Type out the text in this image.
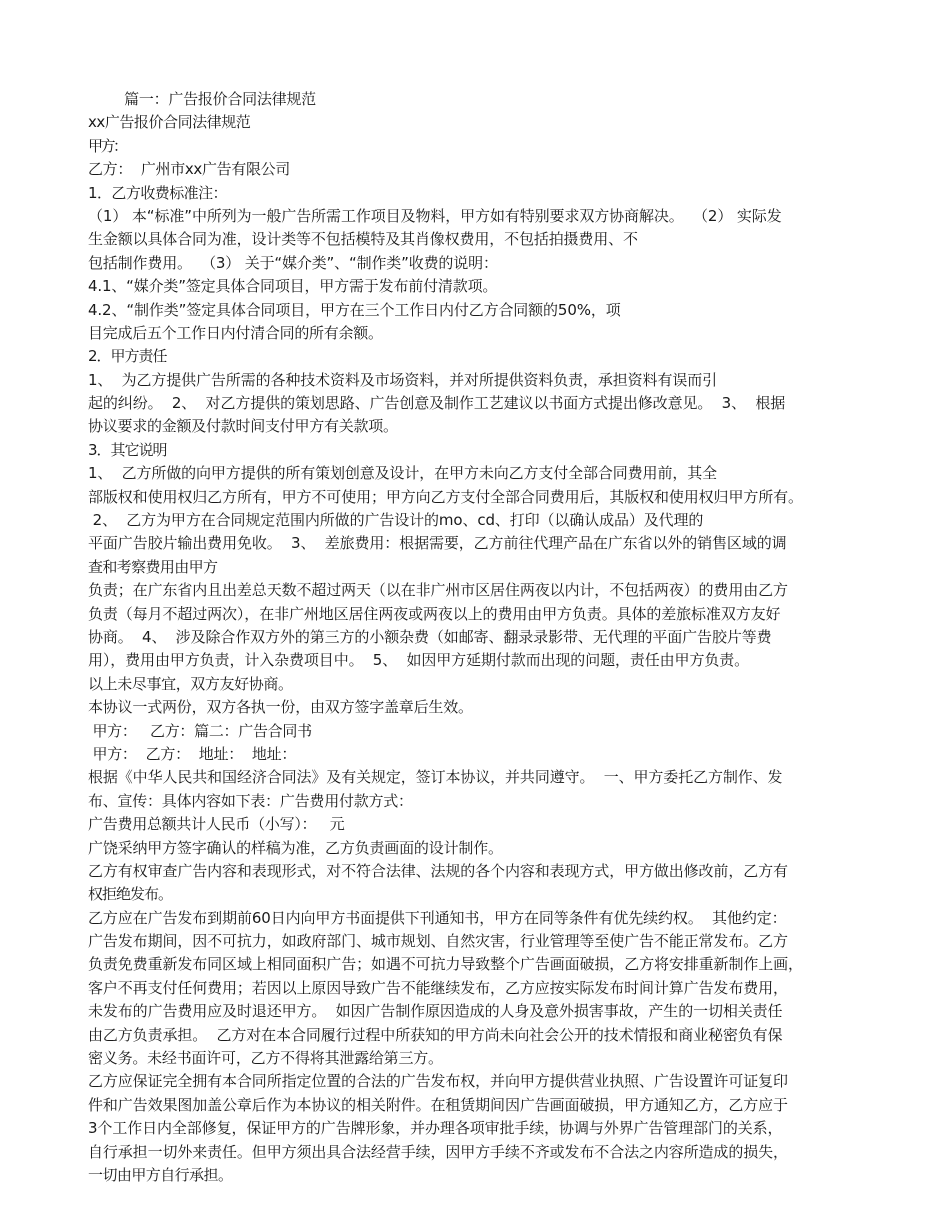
篇一：广告报价合同法律规范
xx广告报价合同法律规范
甲方：
乙方：  广州市xx广告有限公司
1．乙方收费标准注：
（1） 本“标准”中所列为一般广告所需工作项目及物料，甲方如有特别要求双方协商解决。  （2） 实际发
生金额以具体合同为准，设计类等不包括模特及其肖像权费用，不包括拍摄费用、不
包括制作费用。  （3） 关于“媒介类”、“制作类”收费的说明：
4.1、“媒介类”签定具体合同项目，甲方需于发布前付清款项。
4.2、“制作类”签定具体合同项目，甲方在三个工作日内付乙方合同额的50%，项
目完成后五个工作日内付清合同的所有余额。
2．甲方责任
1、  为乙方提供广告所需的各种技术资料及市场资料，并对所提供资料负责，承担资料有误而引
起的纠纷。  2、  对乙方提供的策划思路、广告创意及制作工艺建议以书面方式提出修改意见。  3、  根据
协议要求的金额及付款时间支付甲方有关款项。
3．其它说明
1、  乙方所做的向甲方提供的所有策划创意及设计，在甲方未向乙方支付全部合同费用前，其全
部版权和使用权归乙方所有，甲方不可使用；甲方向乙方支付全部合同费用后，其版权和使用权归甲方所有。
2、  乙方为甲方在合同规定范围内所做的广告设计的mo、cd、打印（以确认成品）及代理的
平面广告胶片输出费用免收。  3、  差旅费用：根据需要，乙方前往代理产品在广东省以外的销售区域的调
查和考察费用由甲方
负责；在广东省内且出差总天数不超过两天（以在非广州市区居住两夜以内计，不包括两夜）的费用由乙方
负责（每月不超过两次），在非广州地区居住两夜或两夜以上的费用由甲方负责。具体的差旅标准双方友好
协商。  4、  涉及除合作双方外的第三方的小额杂费（如邮寄、翻录录影带、无代理的平面广告胶片等费
用），费用由甲方负责，计入杂费项目中。  5、  如因甲方延期付款而出现的问题，责任由甲方负责。
以上未尽事宜，双方友好协商。
本协议一式两份，双方各执一份，由双方签字盖章后生效。
甲方：   乙方：篇二：广告合同书
甲方：  乙方：  地址：  地址：
根据《中华人民共和国经济合同法》及有关规定，签订本协议，并共同遵守。  一、甲方委托乙方制作、发
布、宣传：具体内容如下表：广告费用付款方式：
广告费用总额共计人民币（小写）：   元
广饶采纳甲方签字确认的样稿为准，乙方负责画面的设计制作。
乙方有权审查广告内容和表现形式，对不符合法律、法规的各个内容和表现方式，甲方做出修改前，乙方有
权拒绝发布。
乙方应在广告发布到期前60日内向甲方书面提供下刊通知书，甲方在同等条件有优先续约权。  其他约定：
广告发布期间，因不可抗力，如政府部门、城市规划、自然灾害，行业管理等至使广告不能正常发布。乙方
负责免费重新发布同区域上相同面积广告；如遇不可抗力导致整个广告画面破损，乙方将安排重新制作上画，
客户不再支付任何费用；若因以上原因导致广告不能继续发布，乙方应按实际发布时间计算广告发布费用，
未发布的广告费用应及时退还甲方。  如因广告制作原因造成的人身及意外损害事故，产生的一切相关责任
由乙方负责承担。  乙方对在本合同履行过程中所获知的甲方尚未向社会公开的技术情报和商业秘密负有保
密义务。未经书面许可，乙方不得将其泄露给第三方。
乙方应保证完全拥有本合同所指定位置的合法的广告发布权，并向甲方提供营业执照、广告设置许可证复印
件和广告效果图加盖公章后作为本协议的相关附件。在租赁期间因广告画面破损，甲方通知乙方，乙方应于
3个工作日内全部修复，保证甲方的广告牌形象，并办理各项审批手续，协调与外界广告管理部门的关系，
自行承担一切外来责任。但甲方须出具合法经营手续，因甲方手续不齐或发布不合法之内容所造成的损失，
一切由甲方自行承担。
